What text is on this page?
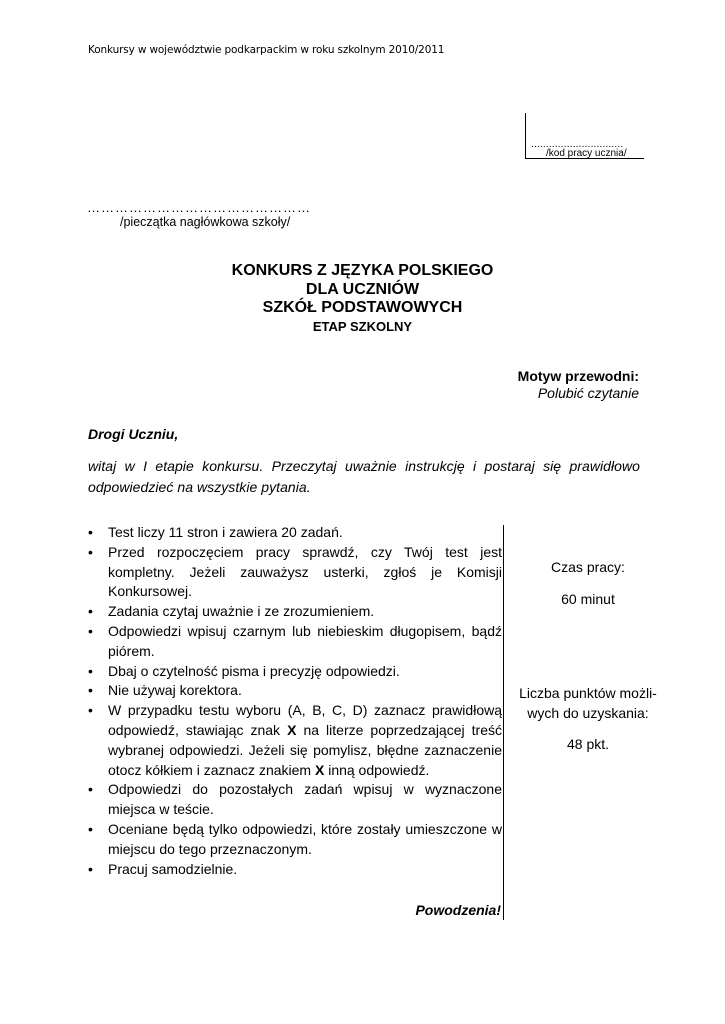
Konkursy w województwie podkarpackim w roku szkolnym 2010/2011
...............................
/kod pracy ucznia/
…………………………………………
/pieczątka nagłówkowa szkoły/
KONKURS Z JĘZYKA POLSKIEGO
DLA UCZNIÓW
SZKÓŁ PODSTAWOWYCH
ETAP SZKOLNY
Motyw przewodni:
Polubić czytanie
Drogi Uczniu,
witaj w I etapie konkursu. Przeczytaj uważnie instrukcję i postaraj się prawidłowo odpowiedzieć na wszystkie pytania.
• Test liczy 11 stron i zawiera 20 zadań.
• Przed rozpoczęciem pracy sprawdź, czy Twój test jest kompletny. Jeżeli zauważysz usterki, zgłoś je Komisji Konkursowej.
• Zadania czytaj uważnie i ze zrozumieniem.
• Odpowiedzi wpisuj czarnym lub niebieskim długopisem, bądź piórem.
• Dbaj o czytelność pisma i precyzję odpowiedzi.
• Nie używaj korektora.
• W przypadku testu wyboru (A, B, C, D) zaznacz prawidłową odpowiedź, stawiając znak X na literze poprzedzającej treść wybranej odpowiedzi. Jeżeli się pomylisz, błędne zaznaczenie otocz kółkiem i zaznacz znakiem X inną odpowiedź.
• Odpowiedzi do pozostałych zadań wpisuj w wyznaczone miejsca w teście.
• Oceniane będą tylko odpowiedzi, które zostały umieszczone w miejscu do tego przeznaczonym.
• Pracuj samodzielnie.
Powodzenia!
Czas pracy:
60 minut
Liczba punktów możli-
wych do uzyskania:
48 pkt.
